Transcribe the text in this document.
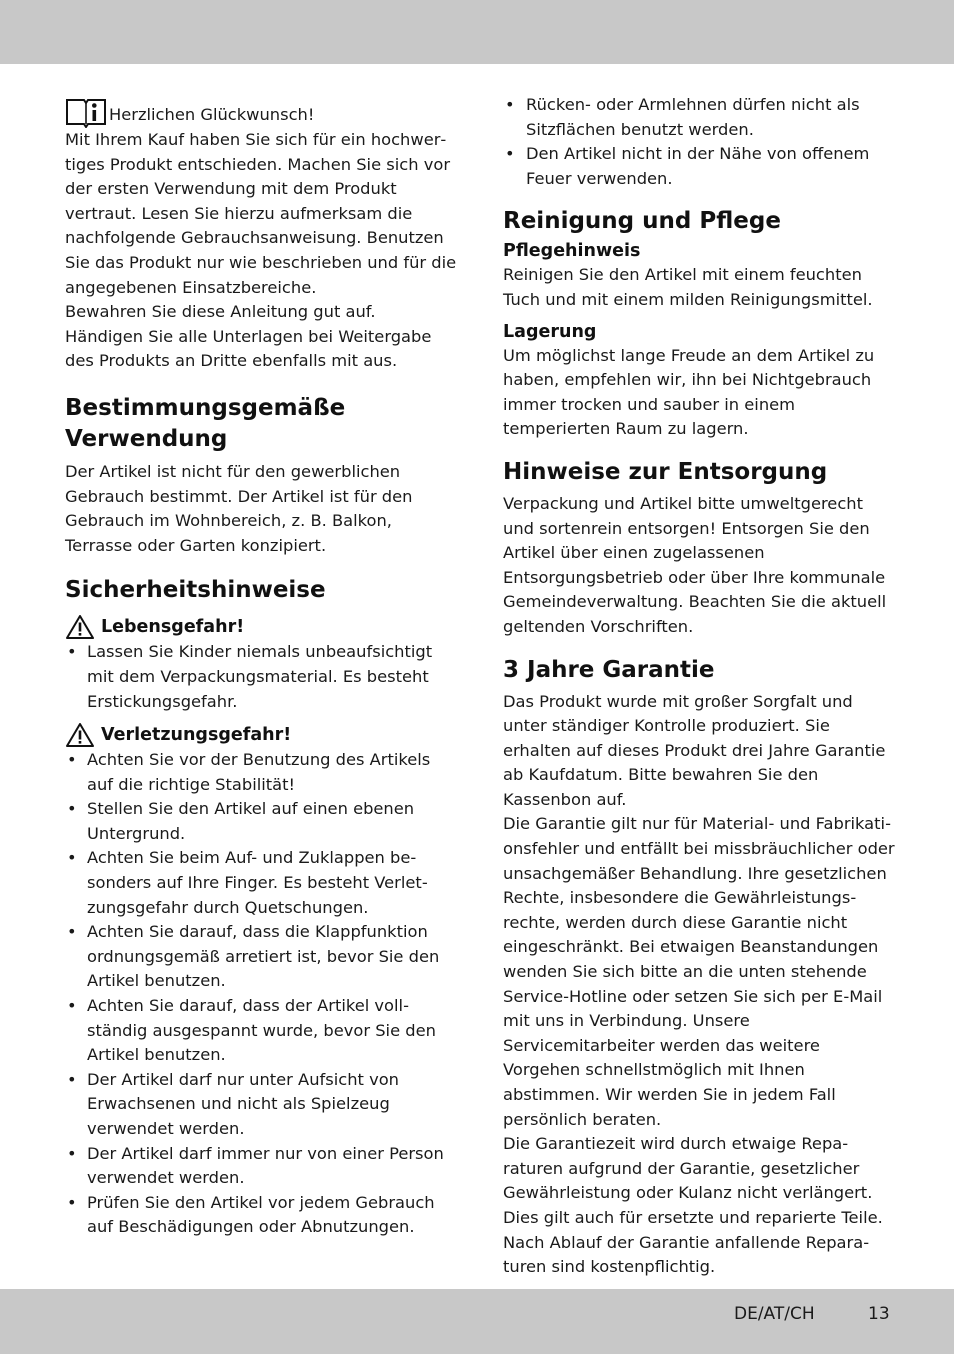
Herzlichen Glückwunsch!

Mit Ihrem Kauf haben Sie sich für ein hochwertiges Produkt entschieden. Machen Sie sich vor der ersten Verwendung mit dem Produkt vertraut. Lesen Sie hierzu aufmerksam die nachfolgende Gebrauchsanweisung. Benutzen Sie das Produkt nur wie beschrieben und für die angegebenen Einsatzbereiche.

Bewahren Sie diese Anleitung gut auf. Händigen Sie alle Unterlagen bei Weitergabe des Produkts an Dritte ebenfalls mit aus.

Bestimmungsgemäße Verwendung

Der Artikel ist nicht für den gewerblichen Gebrauch bestimmt. Der Artikel ist für den Gebrauch im Wohnbereich, z. B. Balkon, Terrasse oder Garten konzipiert.

Sicherheitshinweise
Lebensgefahr!
• Lassen Sie Kinder niemals unbeaufsichtigt mit dem Verpackungsmaterial. Es besteht Erstickungsgefahr.
Verletzungsgefahr!
• Achten Sie vor der Benutzung des Artikels auf die richtige Stabilität!
• Stellen Sie den Artikel auf einen ebenen Untergrund.
• Achten Sie beim Auf- und Zuklappen besonders auf Ihre Finger. Es besteht Verletzungsgefahr durch Quetschungen.
• Achten Sie darauf, dass die Klappfunktion ordnungsgemäß arretiert ist, bevor Sie den Artikel benutzen.
• Achten Sie darauf, dass der Artikel vollständig ausgespannt wurde, bevor Sie den Artikel benutzen.
• Der Artikel darf nur unter Aufsicht von Erwachsenen und nicht als Spielzeug verwendet werden.
• Der Artikel darf immer nur von einer Person verwendet werden.
• Prüfen Sie den Artikel vor jedem Gebrauch auf Beschädigungen oder Abnutzungen.
• Rücken- oder Armlehnen dürfen nicht als Sitzflächen benutzt werden.
• Den Artikel nicht in der Nähe von offenem Feuer verwenden.
Reinigung und Pflege
Pflegehinweis

Reinigen Sie den Artikel mit einem feuchten Tuch und mit einem milden Reinigungsmittel.

Lagerung

Um möglichst lange Freude an dem Artikel zu haben, empfehlen wir, ihn bei Nichtgebrauch immer trocken und sauber in einem temperierten Raum zu lagern.

Hinweise zur Entsorgung

Verpackung und Artikel bitte umweltgerecht und sortenrein entsorgen! Entsorgen Sie den Artikel über einen zugelassenen Entsorgungsbetrieb oder über Ihre kommunale Gemeindeverwaltung. Beachten Sie die aktuell geltenden Vorschriften.

3 Jahre Garantie

Das Produkt wurde mit großer Sorgfalt und unter ständiger Kontrolle produziert. Sie erhalten auf dieses Produkt drei Jahre Garantie ab Kaufdatum. Bitte bewahren Sie den Kassenbon auf.

Die Garantie gilt nur für Material- und Fabrikationsfehler und entfällt bei missbräuchlicher oder unsachgemäßer Behandlung. Ihre gesetzlichen Rechte, insbesondere die Gewährleistungsrechte, werden durch diese Garantie nicht eingeschränkt. Bei etwaigen Beanstandungen wenden Sie sich bitte an die unten stehende Service-Hotline oder setzen Sie sich per E-Mail mit uns in Verbindung. Unsere Servicemitarbeiter werden das weitere Vorgehen schnellstmöglich mit Ihnen abstimmen. Wir werden Sie in jedem Fall persönlich beraten.

Die Garantiezeit wird durch etwaige Reparaturen aufgrund der Garantie, gesetzlicher Gewährleistung oder Kulanz nicht verlängert. Dies gilt auch für ersetzte und reparierte Teile. Nach Ablauf der Garantie anfallende Reparaturen sind kostenpflichtig.

DE/AT/CH	13
